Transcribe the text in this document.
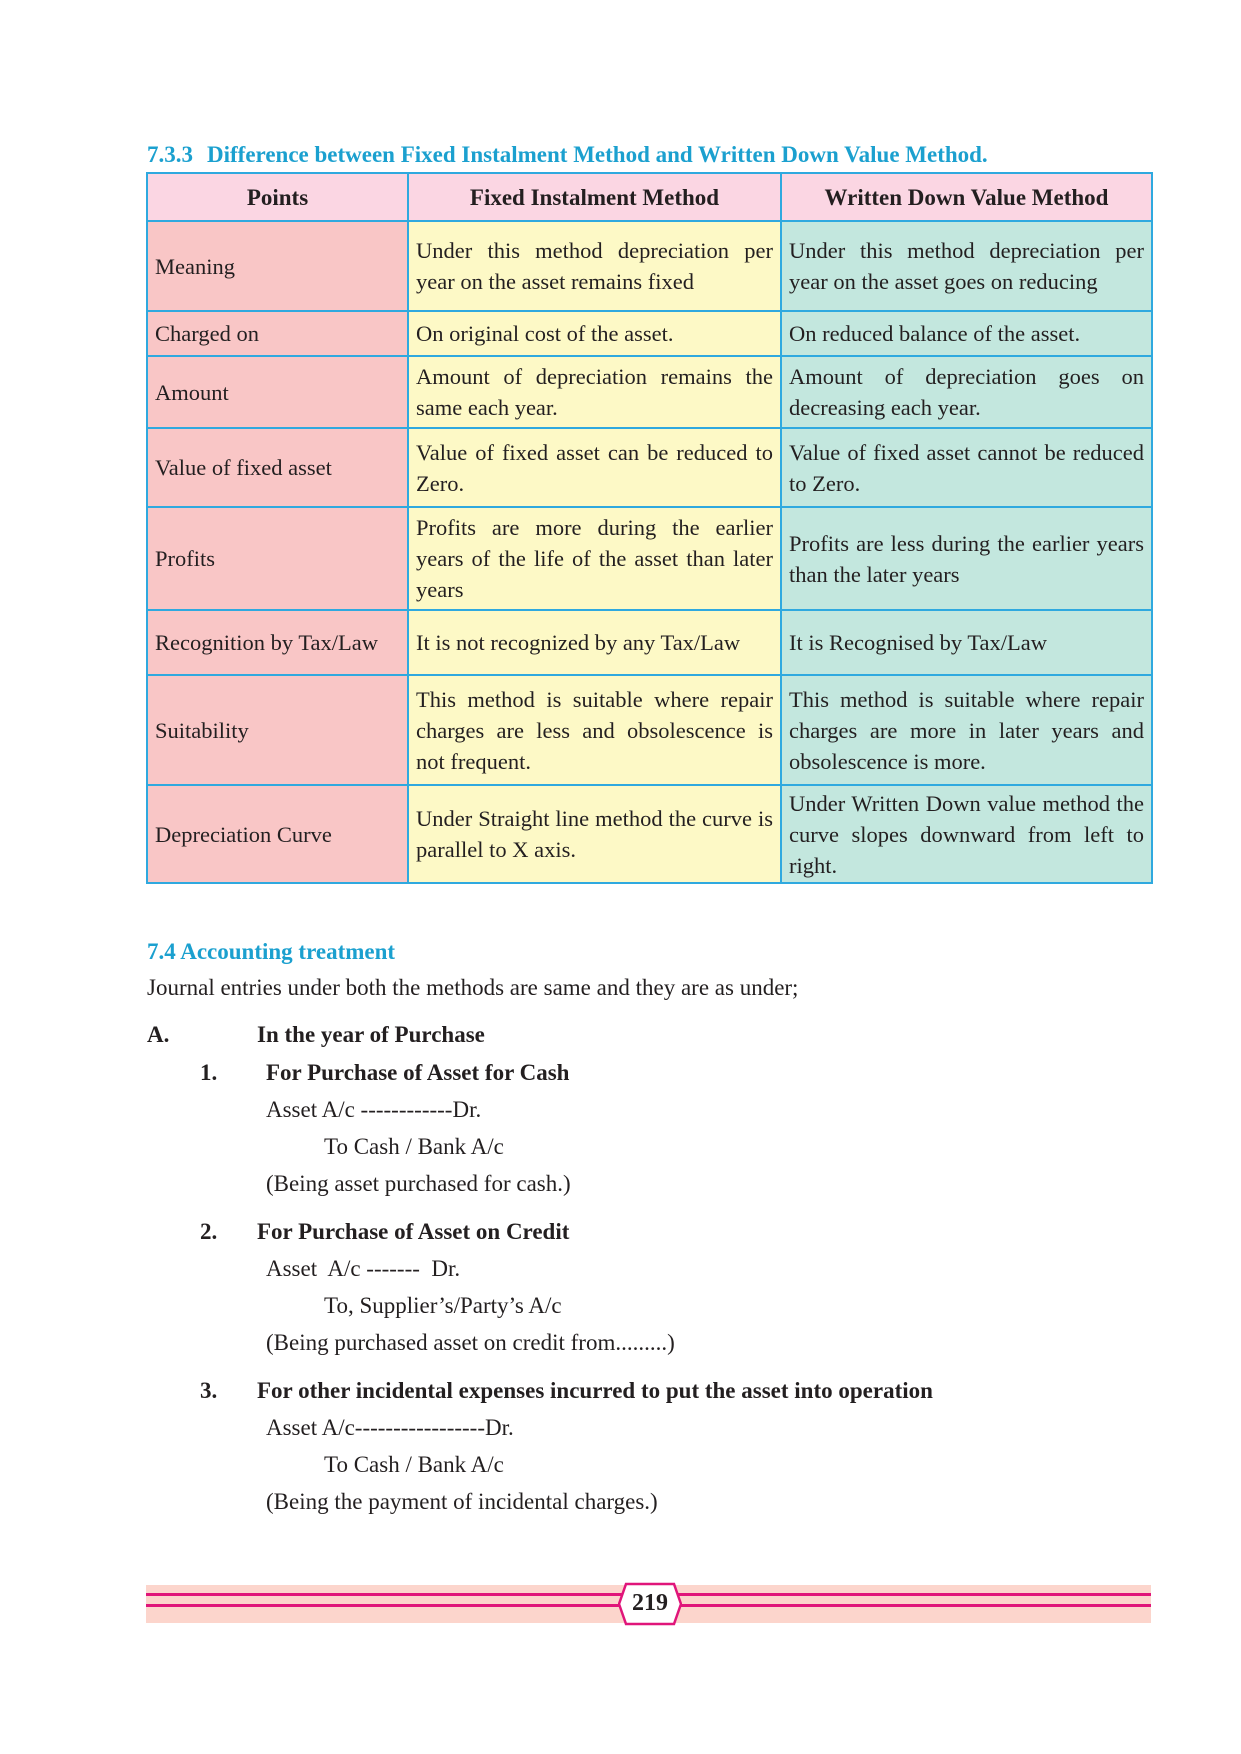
7.3.3 Difference between Fixed Instalment Method and Written Down Value Method.
Points	Fixed Instalment Method	Written Down Value Method
Meaning	Under this method depreciation per year on the asset remains fixed	Under this method depreciation per year on the asset goes on reducing
Charged on	On original cost of the asset.	On reduced balance of the asset.
Amount	Amount of depreciation remains the same each year.	Amount of depreciation goes on decreasing each year.
Value of fixed asset	Value of fixed asset can be reduced to Zero.	Value of fixed asset cannot be reduced to Zero.
Profits	Profits are more during the earlier years of the life of the asset than later years	Profits are less during the earlier years than the later years
Recognition by Tax/Law	It is not recognized by any Tax/Law	It is Recognised by Tax/Law
Suitability	This method is suitable where repair charges are less and obsolescence is not frequent.	This method is suitable where repair charges are more in later years and obsolescence is more.
Depreciation Curve	Under Straight line method the curve is parallel to X axis.	Under Written Down value method the curve slopes downward from left to right.
7.4 Accounting treatment
Journal entries under both the methods are same and they are as under;
A.	In the year of Purchase
1. For Purchase of Asset for Cash
Asset A/c ------------Dr.
To Cash / Bank A/c
(Being asset purchased for cash.)
2. For Purchase of Asset on Credit
Asset  A/c -------  Dr.
To, Supplier’s/Party’s A/c
(Being purchased asset on credit from.........)
3. For other incidental expenses incurred to put the asset into operation
Asset A/c-----------------Dr.
To Cash / Bank A/c
(Being the payment of incidental charges.)
219
